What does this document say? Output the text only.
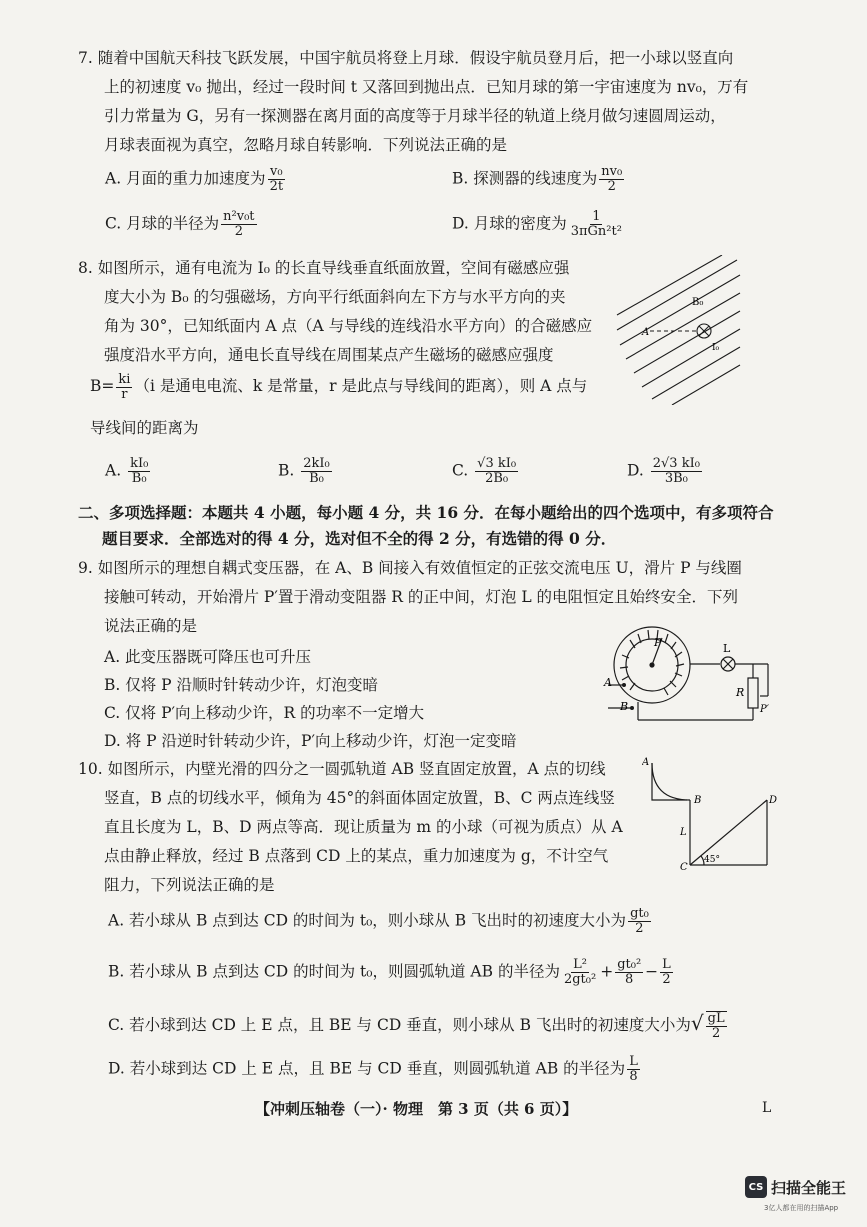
7. 随着中国航天科技飞跃发展，中国宇航员将登上月球．假设宇航员登月后，把一小球以竖直向

上的初速度 v₀ 抛出，经过一段时间 t 又落回到抛出点．已知月球的第一宇宙速度为 nv₀，万有

引力常量为 G，另有一探测器在离月面的高度等于月球半径的轨道上绕月做匀速圆周运动，

月球表面视为真空，忽略月球自转影响．下列说法正确的是

A. 月面的重力加速度为 $\frac{\text{v₀}}{2t}$	B. 探测器的线速度为 $\frac{\text{nv₀}}{2}$
C. 月球的半径为 $\frac{\text{n²v₀t}}{2}$	D. 月球的密度为 $\frac{1}{\text{3πGn²t²}}$

8. 如图所示，通有电流为 I₀ 的长直导线垂直纸面放置，空间有磁感应强

度大小为 B₀ 的匀强磁场，方向平行纸面斜向左下方与水平方向的夹

角为 30°，已知纸面内 A 点（A 与导线的连线沿水平方向）的合磁感应

强度沿水平方向，通电长直导线在周围某点产生磁场的磁感应强度

$B= \frac{ki}{r} (i$ 是通电电流、k 是常量，r 是此点与导线间的距离），则 A 点与
导线间的距离为
A. $\frac{\text{kI₀}}{\text{B₀}}$	B. $\frac{\text{2kI₀}}{\text{B₀}}$	C. $\frac{\text{√3 kI₀}}{\text{2B₀}}$	D. $\frac{\text{2√3 kI₀}}{\text{3B₀}}$
B₀
A
I₀
二、多项选择题：本题共 4 小题，每小题 4 分，共 16 分．在每小题给出的四个选项中，有多项符合
题目要求．全部选对的得 4 分，选对但不全的得 2 分，有选错的得 0 分．

9. 如图所示的理想自耦式变压器，在 A、B 间接入有效值恒定的正弦交流电压 U，滑片 P 与线圈

接触可转动，开始滑片 P′置于滑动变阻器 R 的正中间，灯泡 L 的电阻恒定且始终安全．下列

说法正确的是

A. 此变压器既可降压也可升压
B. 仅将 P 沿顺时针转动少许，灯泡变暗
C. 仅将 P′向上移动少许，R 的功率不一定增大
D. 将 P 沿逆时针转动少许，P′向上移动少许，灯泡一定变暗
P	L
A
B
R
P′

10. 如图所示，内壁光滑的四分之一圆弧轨道 AB 竖直固定放置，A 点的切线

竖直，B 点的切线水平，倾角为 45°的斜面体固定放置，B、C 两点连线竖

直且长度为 L，B、D 两点等高．现让质量为 m 的小球（可视为质点）从 A

点由静止释放，经过 B 点落到 CD 上的某点，重力加速度为 g，不计空气

阻力，下列说法正确的是

A
B
C
D
L
45°
A. 若小球从 B 点到达 CD 的时间为 t₀，则小球从 B 飞出时的初速度大小为 $\frac{\text{gt₀}}{2}$
B. 若小球从 B 点到达 CD 的时间为 t₀，则圆弧轨道 AB 的半径为 $\frac{\text{L²}}{\text{2gt₀²}} + \frac{\text{gt₀²}}{8} - \frac{L}{2}$
C. 若小球到达 CD 上 E 点，且 BE 与 CD 垂直，则小球从 B 飞出时的初速度大小为√ $\frac{gL}{2}$
D. 若小球到达 CD 上 E 点，且 BE 与 CD 垂直，则圆弧轨道 AB 的半径为 $\frac{L}{8}$
【冲刺压轴卷（一）· 物理　第 3 页（共 6 页）】	L
CS 扫描全能王
3亿人都在用的扫描App
